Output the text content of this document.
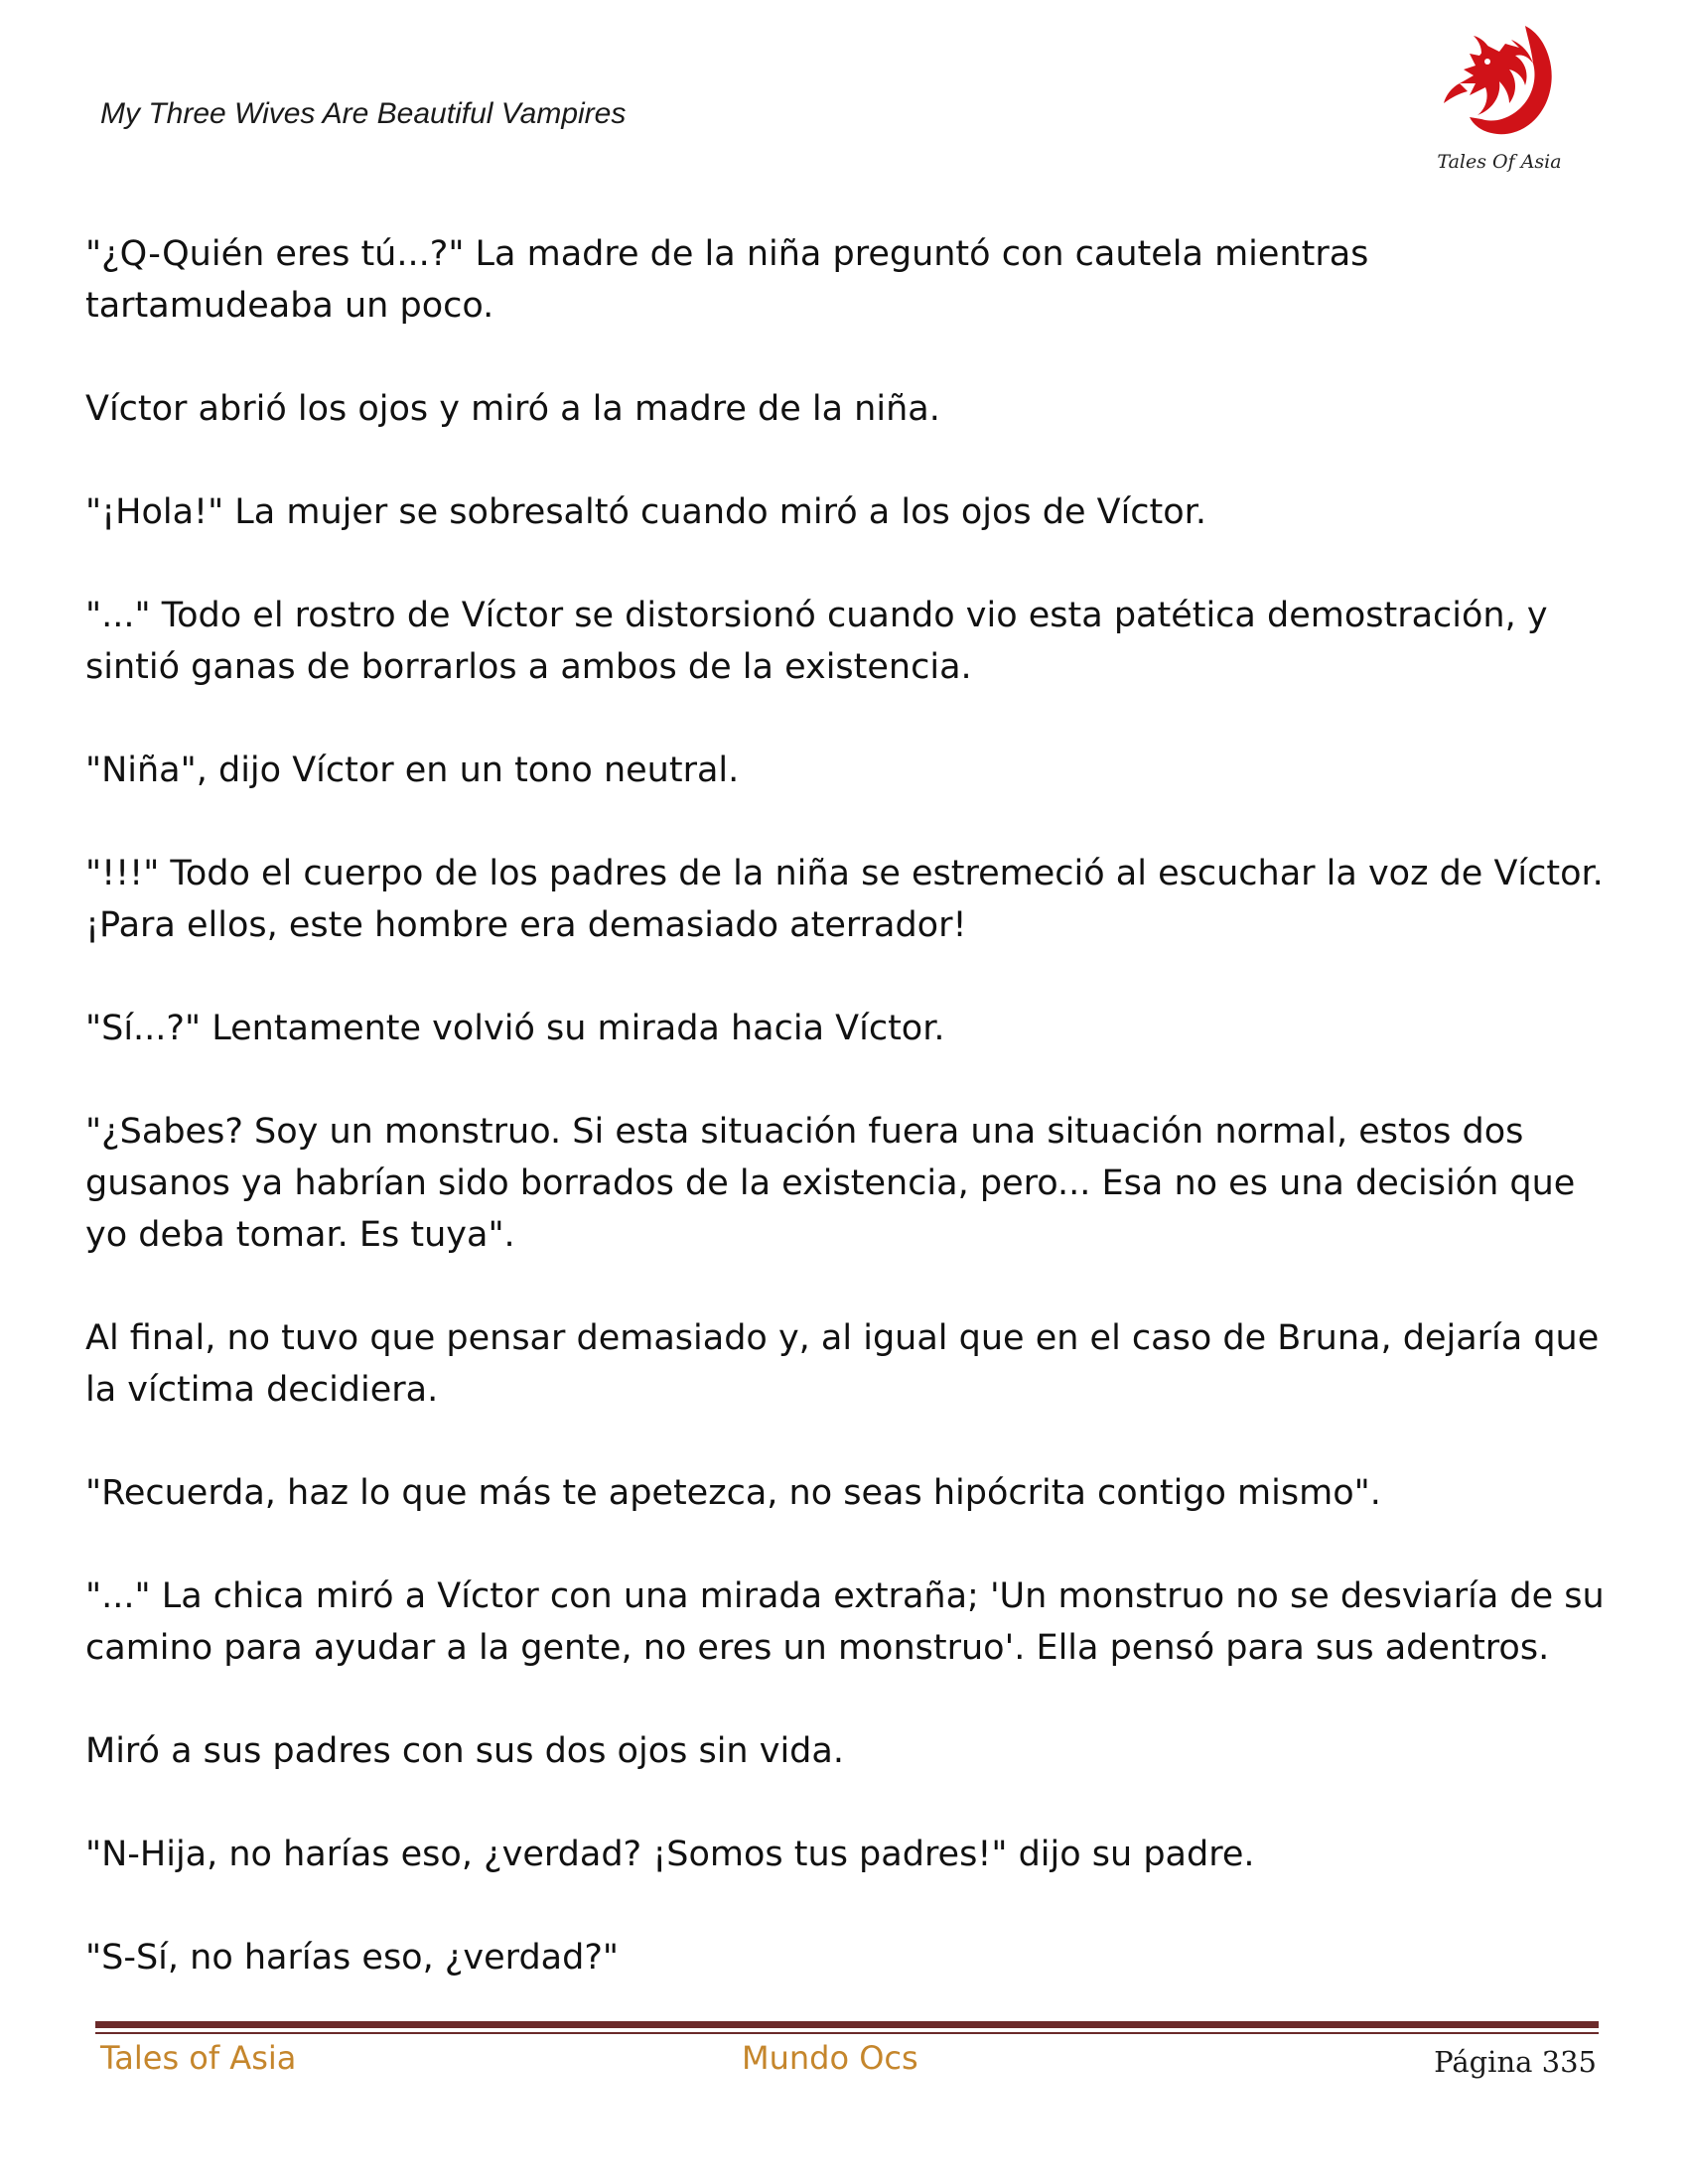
My Three Wives Are Beautiful Vampires
Tales Of Asia

"¿Q-Quién eres tú...?" La madre de la niña preguntó con cautela mientras tartamudeaba un poco.

Víctor abrió los ojos y miró a la madre de la niña.

"¡Hola!" La mujer se sobresaltó cuando miró a los ojos de Víctor.

"..." Todo el rostro de Víctor se distorsionó cuando vio esta patética demostración, y sintió ganas de borrarlos a ambos de la existencia.

"Niña", dijo Víctor en un tono neutral.

"!!!" Todo el cuerpo de los padres de la niña se estremeció al escuchar la voz de Víctor. ¡Para ellos, este hombre era demasiado aterrador!

"Sí...?" Lentamente volvió su mirada hacia Víctor.

"¿Sabes? Soy un monstruo. Si esta situación fuera una situación normal, estos dos gusanos ya habrían sido borrados de la existencia, pero... Esa no es una decisión que yo deba tomar. Es tuya".

Al final, no tuvo que pensar demasiado y, al igual que en el caso de Bruna, dejaría que la víctima decidiera.

"Recuerda, haz lo que más te apetezca, no seas hipócrita contigo mismo".

"..." La chica miró a Víctor con una mirada extraña; 'Un monstruo no se desviaría de su camino para ayudar a la gente, no eres un monstruo'. Ella pensó para sus adentros.

Miró a sus padres con sus dos ojos sin vida.

"N-Hija, no harías eso, ¿verdad? ¡Somos tus padres!" dijo su padre.

"S-Sí, no harías eso, ¿verdad?"

Tales of Asia	Mundo Ocs	Página 335
